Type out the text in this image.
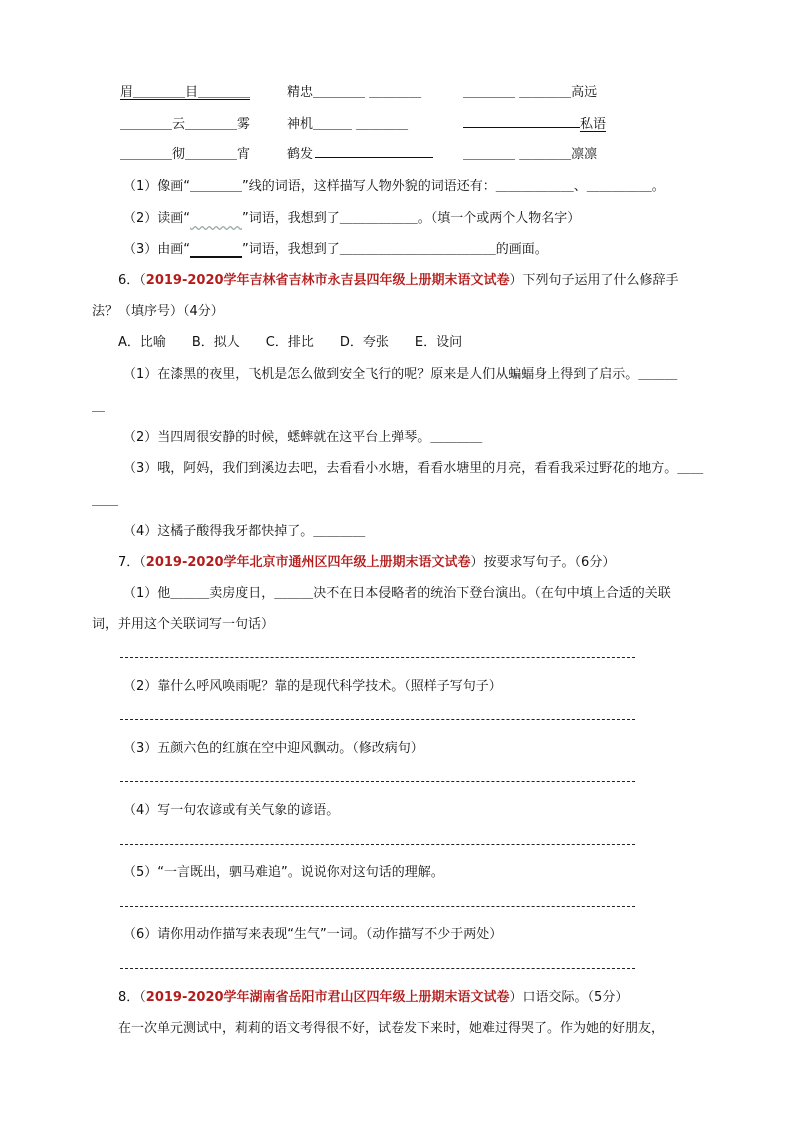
眉＿＿＿＿目＿＿＿＿	精忠＿＿＿＿ ＿＿＿＿	＿＿＿＿ ＿＿＿＿高远
＿＿＿＿云＿＿＿＿雾	神机＿＿＿ ＿＿＿＿	私语
＿＿＿＿彻＿＿＿＿宵	鹤发	＿＿＿＿ ＿＿＿＿凛凛
（1）像画“＿＿＿＿”线的词语，这样描写人物外貌的词语还有：＿＿＿＿＿＿、＿＿＿＿＿。
（2）读画“　　　　	”词语，我想到了＿＿＿＿＿＿。（填一个或两个人物名字）
（3）由画“　　　　	”词语，我想到了＿＿＿＿＿＿＿＿＿＿＿＿的画面。
6．（2019-2020学年吉林省吉林市永吉县四年级上册期末语文试卷）下列句子运用了什么修辞手
法？（填序号）（4分）
A．比喻　　B．拟人　　C．排比　　D．夸张　　E．设问
（1）在漆黑的夜里，飞机是怎么做到安全飞行的呢？原来是人们从蝙蝠身上得到了启示。＿＿＿
＿
（2）当四周很安静的时候，蟋蟀就在这平台上弹琴。＿＿＿＿
（3）哦，阿妈，我们到溪边去吧，去看看小水塘，看看水塘里的月亮，看看我采过野花的地方。＿＿
＿＿
（4）这橘子酸得我牙都快掉了。＿＿＿＿
7．（2019-2020学年北京市通州区四年级上册期末语文试卷）按要求写句子。（6分）
（1）他＿＿＿卖房度日，＿＿＿决不在日本侵略者的统治下登台演出。（在句中填上合适的关联
词，并用这个关联词写一句话）
（2）靠什么呼风唤雨呢？靠的是现代科学技术。（照样子写句子）
（3）五颜六色的红旗在空中迎风飘动。（修改病句）
（4）写一句农谚或有关气象的谚语。
（5）“一言既出，驷马难追”。说说你对这句话的理解。
（6）请你用动作描写来表现“生气”一词。（动作描写不少于两处）
8．（2019-2020学年湖南省岳阳市君山区四年级上册期末语文试卷）口语交际。（5分）
在一次单元测试中，莉莉的语文考得很不好，试卷发下来时，她难过得哭了。作为她的好朋友，
